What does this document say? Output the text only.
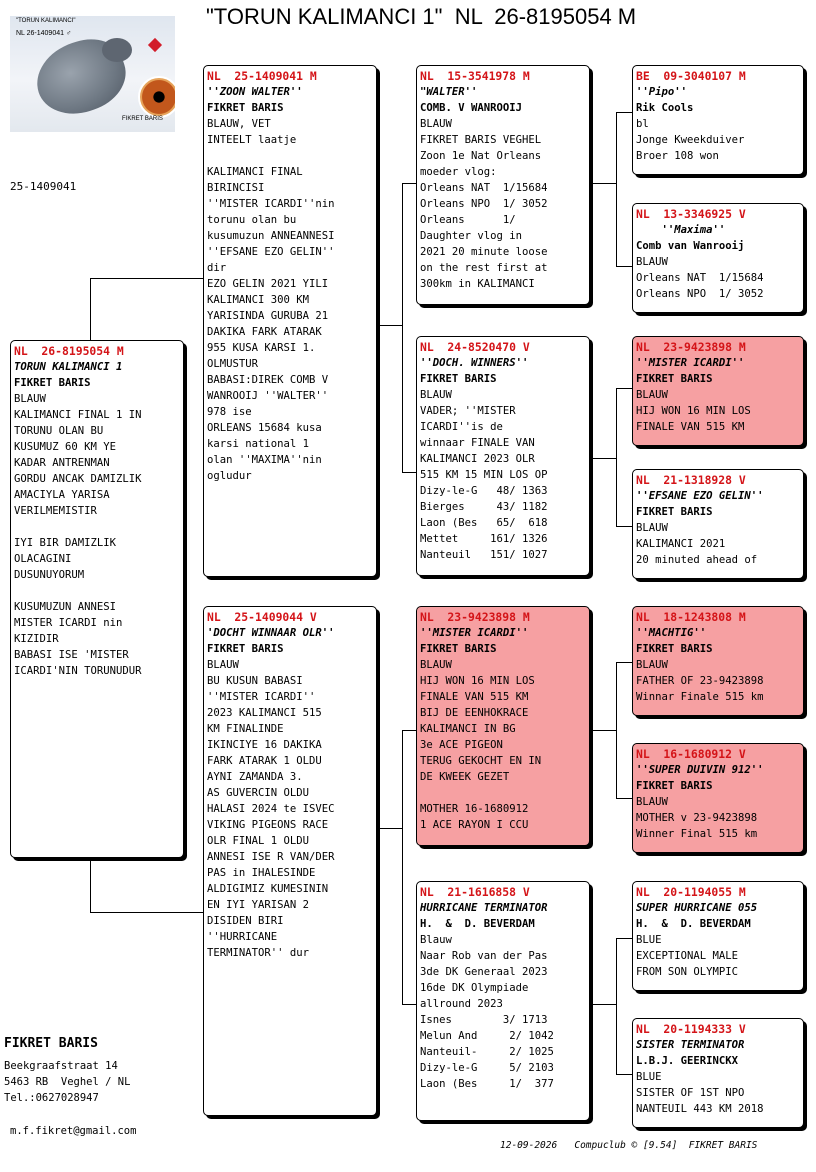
"TORUN KALIMANCI 1"  NL  26-8195054 M
"TORUN KALIMANCI"
NL 26-1409041 ♂
FIKRET BARIS
25-1409041
NL  26-8195054 M
TORUN KALIMANCI 1
FIKRET BARIS
BLAUW
KALIMANCI FINAL 1 IN
TORUNU OLAN BU
KUSUMUZ 60 KM YE
KADAR ANTRENMAN
GORDU ANCAK DAMIZLIK
AMACIYLA YARISA
VERILMEMISTIR

IYI BIR DAMIZLIK
OLACAGINI
DUSUNUYORUM

KUSUMUZUN ANNESI
MISTER ICARDI nin
KIZIDIR
BABASI ISE 'MISTER
ICARDI'NIN TORUNUDUR
NL  25-1409041 M
''ZOON WALTER''
FIKRET BARIS
BLAUW, VET
INTEELT laatje

KALIMANCI FINAL
BIRINCISI
''MISTER ICARDI''nin
torunu olan bu
kusumuzun ANNEANNESI
''EFSANE EZO GELIN''
dir
EZO GELIN 2021 YILI
KALIMANCI 300 KM
YARISINDA GURUBA 21
DAKIKA FARK ATARAK
955 KUSA KARSI 1.
OLMUSTUR
BABASI:DIREK COMB V
WANROOIJ ''WALTER''
978 ise
ORLEANS 15684 kusa
karsi national 1
olan ''MAXIMA''nin
ogludur
NL  25-1409044 V
'DOCHT WINNAAR OLR''
FIKRET BARIS
BLAUW
BU KUSUN BABASI
''MISTER ICARDI''
2023 KALIMANCI 515
KM FINALINDE
IKINCIYE 16 DAKIKA
FARK ATARAK 1 OLDU
AYNI ZAMANDA 3.
AS GUVERCIN OLDU
HALASI 2024 te ISVEC
VIKING PIGEONS RACE
OLR FINAL 1 OLDU
ANNESI ISE R VAN/DER
PAS in IHALESINDE
ALDIGIMIZ KUMESININ
EN IYI YARISAN 2
DISIDEN BIRI
''HURRICANE
TERMINATOR'' dur
NL  15-3541978 M
"WALTER''
COMB. V WANROOIJ
BLAUW
FIKRET BARIS VEGHEL
Zoon 1e Nat Orleans
moeder vlog:
Orleans NAT  1/15684
Orleans NPO  1/ 3052
Orleans      1/
Daughter vlog in
2021 20 minute loose
on the rest first at
300km in KALIMANCI
NL  24-8520470 V
''DOCH. WINNERS''
FIKRET BARIS
BLAUW
VADER; ''MISTER
ICARDI''is de
winnaar FINALE VAN
KALIMANCI 2023 OLR
515 KM 15 MIN LOS OP
Dizy-le-G   48/ 1363
Bierges     43/ 1182
Laon (Bes   65/  618
Mettet     161/ 1326
Nanteuil   151/ 1027
NL  23-9423898 M
''MISTER ICARDI''
FIKRET BARIS
BLAUW
HIJ WON 16 MIN LOS
FINALE VAN 515 KM
BIJ DE EENHOKRACE
KALIMANCI IN BG
3e ACE PIGEON
TERUG GEKOCHT EN IN
DE KWEEK GEZET

MOTHER 16-1680912
1 ACE RAYON I CCU
NL  21-1616858 V
HURRICANE TERMINATOR
H.  &  D. BEVERDAM
Blauw
Naar Rob van der Pas
3de DK Generaal 2023
16de DK Olympiade
allround 2023
Isnes        3/ 1713
Melun And     2/ 1042
Nanteuil-     2/ 1025
Dizy-le-G     5/ 2103
Laon (Bes     1/  377
BE  09-3040107 M
''Pipo''
Rik Cools
bl
Jonge Kweekduiver
Broer 108 won
NL  13-3346925 V
''Maxima''
Comb van Wanrooij
BLAUW
Orleans NAT  1/15684
Orleans NPO  1/ 3052
NL  23-9423898 M
''MISTER ICARDI''
FIKRET BARIS
BLAUW
HIJ WON 16 MIN LOS
FINALE VAN 515 KM
NL  21-1318928 V
''EFSANE EZO GELIN''
FIKRET BARIS
BLAUW
KALIMANCI 2021
20 minuted ahead of
NL  18-1243808 M
''MACHTIG''
FIKRET BARIS
BLAUW
FATHER OF 23-9423898
Winnar Finale 515 km
NL  16-1680912 V
''SUPER DUIVIN 912''
FIKRET BARIS
BLAUW
MOTHER v 23-9423898
Winner Final 515 km
NL  20-1194055 M
SUPER HURRICANE 055
H.  &  D. BEVERDAM
BLUE
EXCEPTIONAL MALE
FROM SON OLYMPIC
NL  20-1194333 V
SISTER TERMINATOR
L.B.J. GEERINCKX
BLUE
SISTER OF 1ST NPO
NANTEUIL 443 KM 2018
FIKRET BARIS
Beekgraafstraat 14
5463 RB  Veghel / NL
Tel.:0627028947
m.f.fikret@gmail.com
12-09-2026   Compuclub © [9.54]  FIKRET BARIS
